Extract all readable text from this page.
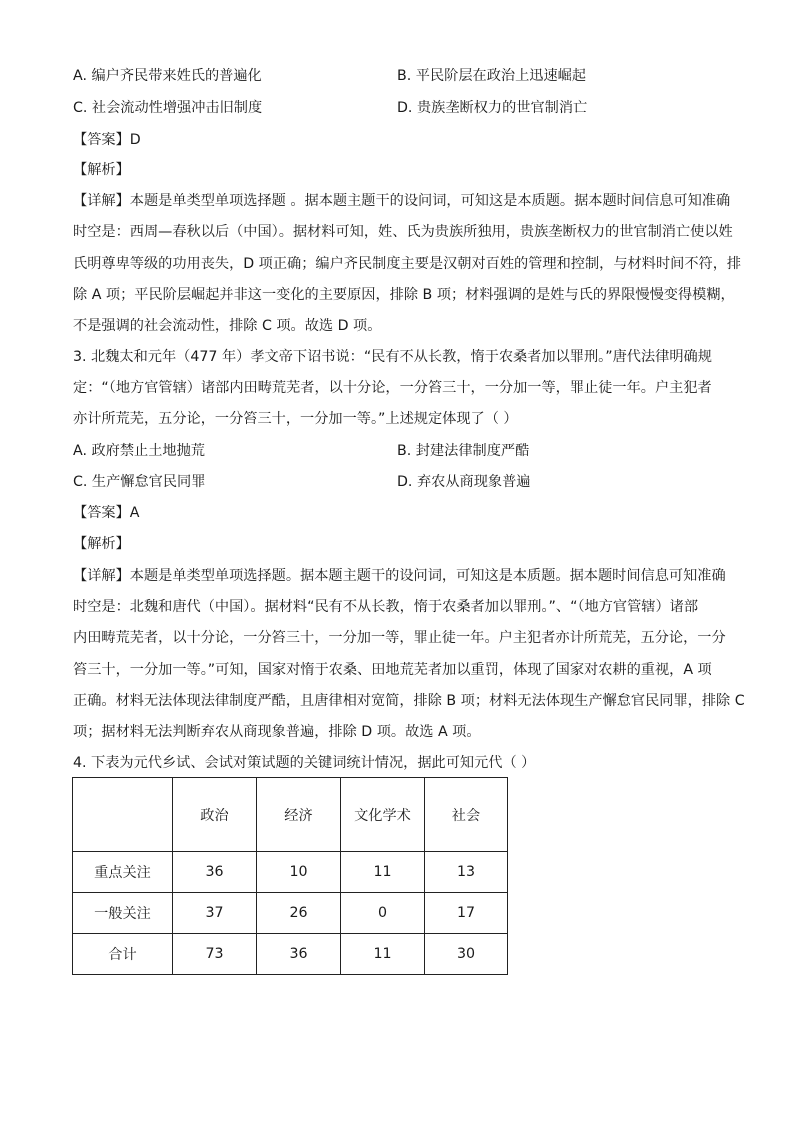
A. 编户齐民带来姓氏的普遍化	B. 平民阶层在政治上迅速崛起
C. 社会流动性增强冲击旧制度	D. 贵族垄断权力的世官制消亡
【答案】D
【解析】
【详解】本题是单类型单项选择题 。据本题主题干的设问词，可知这是本质题。据本题时间信息可知准确
时空是：西周—春秋以后（中国）。据材料可知，姓、氏为贵族所独用，贵族垄断权力的世官制消亡使以姓
氏明尊卑等级的功用丧失，D 项正确；编户齐民制度主要是汉朝对百姓的管理和控制，与材料时间不符，排
除 A 项；平民阶层崛起并非这一变化的主要原因，排除 B 项；材料强调的是姓与氏的界限慢慢变得模糊，
不是强调的社会流动性，排除 C 项。故选 D 项。
3. 北魏太和元年（477 年）孝文帝下诏书说：“民有不从长教，惰于农桑者加以罪刑。”唐代法律明确规
定：“（地方官管辖）诸部内田畴荒芜者，以十分论，一分笞三十，一分加一等，罪止徒一年。户主犯者
亦计所荒芜，五分论，一分笞三十，一分加一等。”上述规定体现了（ ）
A. 政府禁止土地抛荒	B. 封建法律制度严酷
C. 生产懈怠官民同罪	D. 弃农从商现象普遍
【答案】A
【解析】
【详解】本题是单类型单项选择题。据本题主题干的设问词，可知这是本质题。据本题时间信息可知准确
时空是：北魏和唐代（中国）。据材料“民有不从长教，惰于农桑者加以罪刑。”、“（地方官管辖）诸部
内田畴荒芜者，以十分论，一分笞三十，一分加一等，罪止徒一年。户主犯者亦计所荒芜，五分论，一分
笞三十，一分加一等。”可知，国家对惰于农桑、田地荒芜者加以重罚，体现了国家对农耕的重视，A 项
正确。材料无法体现法律制度严酷，且唐律相对宽简，排除 B 项；材料无法体现生产懈怠官民同罪，排除 C
项；据材料无法判断弃农从商现象普遍，排除 D 项。故选 A 项。
4. 下表为元代乡试、会试对策试题的关键词统计情况，据此可知元代（ ）
	政治	经济	文化学术	社会
重点关注	36	10	11	13
一般关注	37	26	0	17
合计	73	36	11	30
